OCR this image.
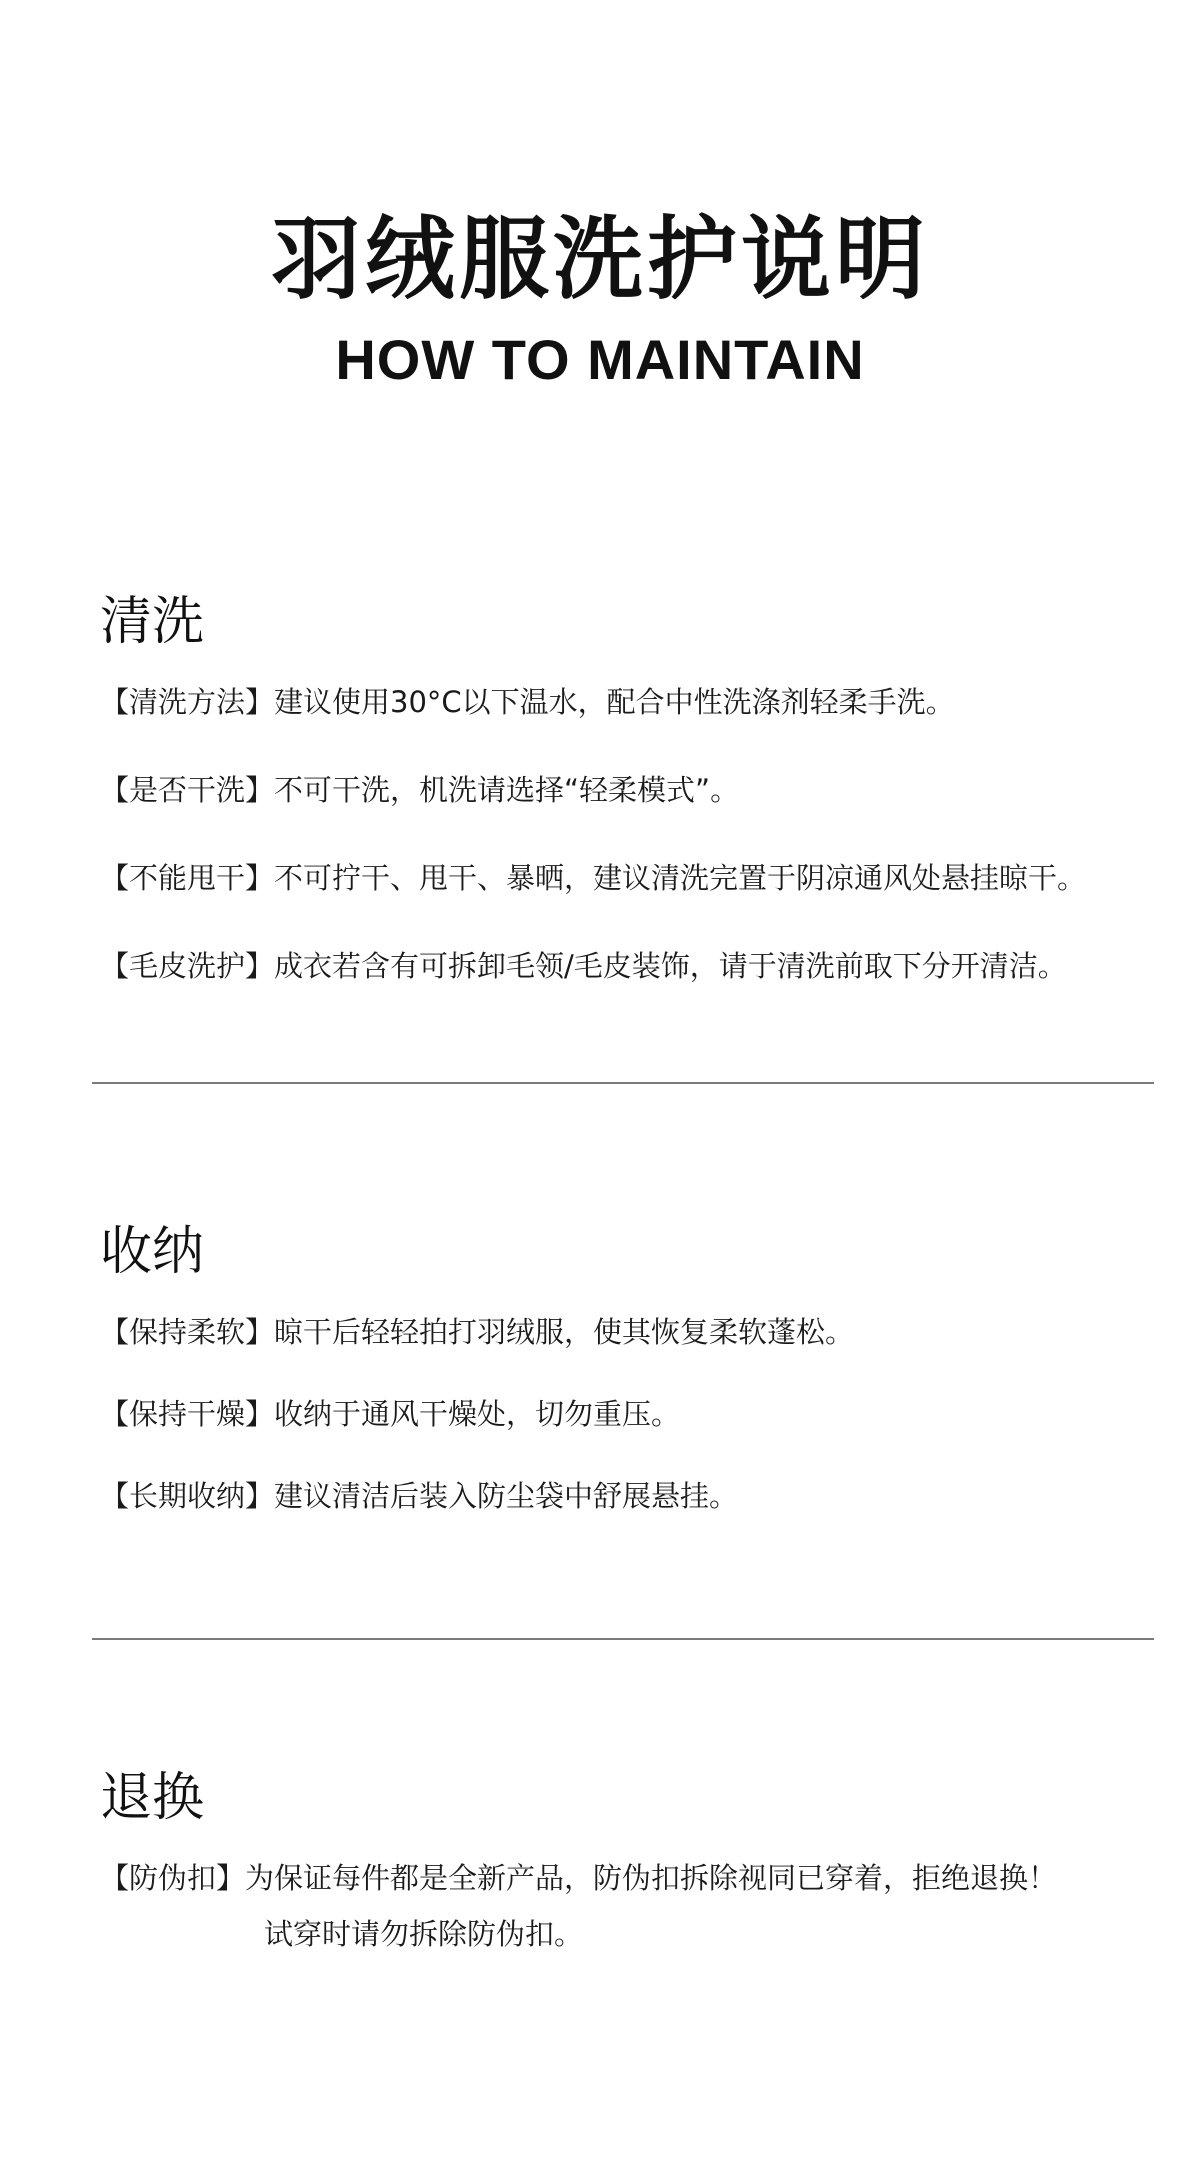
羽绒服洗护说明
HOW TO MAINTAIN
清洗
【清洗方法】建议使用30°C以下温水，配合中性洗涤剂轻柔手洗。
【是否干洗】不可干洗，机洗请选择“轻柔模式”。
【不能甩干】不可拧干、甩干、暴晒，建议清洗完置于阴凉通风处悬挂晾干。
【毛皮洗护】成衣若含有可拆卸毛领/毛皮装饰，请于清洗前取下分开清洁。
收纳
【保持柔软】晾干后轻轻拍打羽绒服，使其恢复柔软蓬松。
【保持干燥】收纳于通风干燥处，切勿重压。
【长期收纳】建议清洁后装入防尘袋中舒展悬挂。
退换
【防伪扣】为保证每件都是全新产品，防伪扣拆除视同已穿着，拒绝退换！
试穿时请勿拆除防伪扣。
